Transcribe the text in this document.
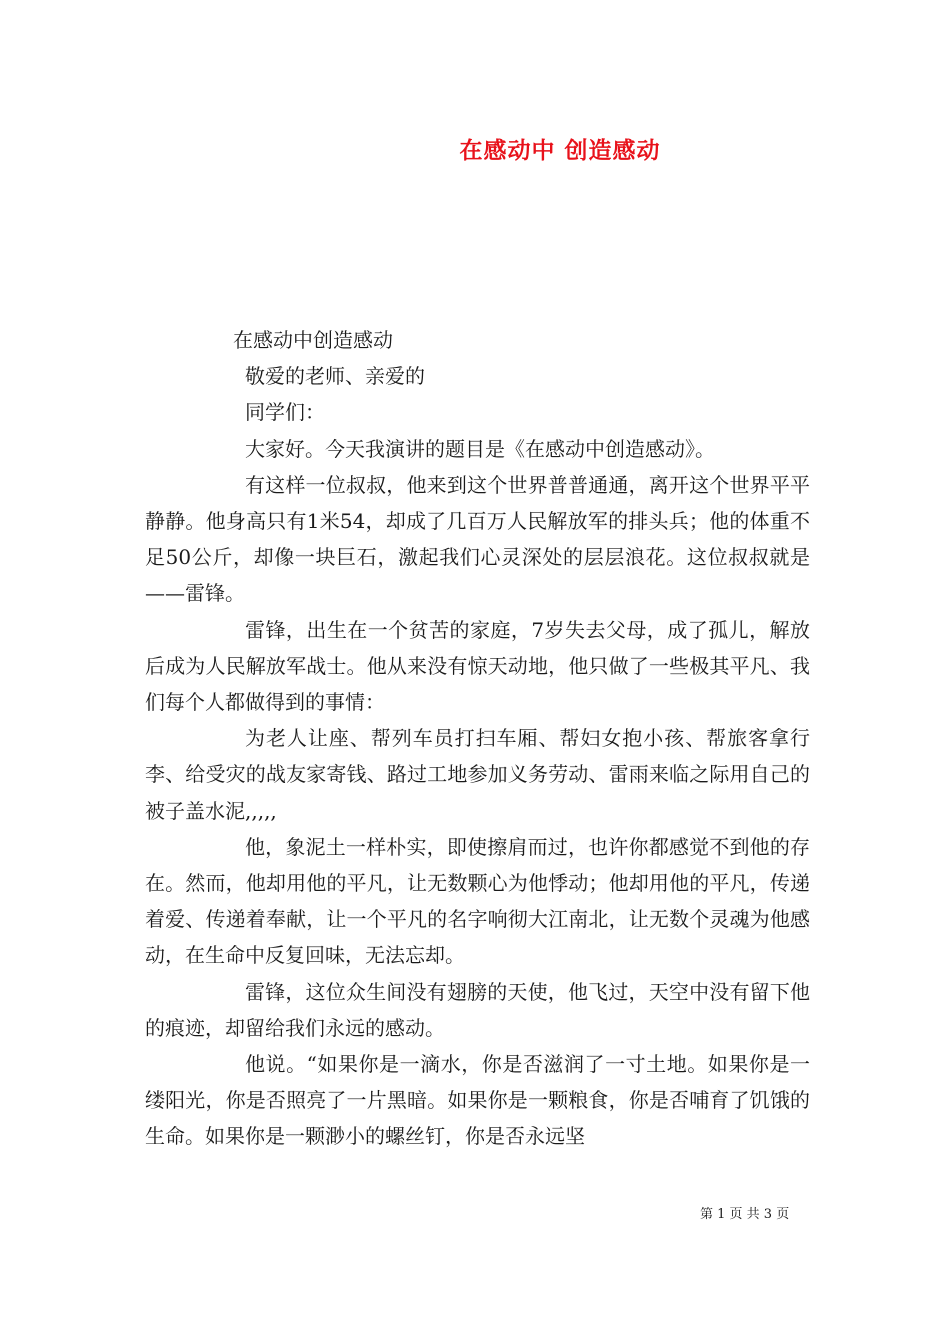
在感动中 创造感动

在感动中创造感动

敬爱的老师、亲爱的

同学们：

大家好。今天我演讲的题目是《在感动中创造感动》。

有这样一位叔叔，他来到这个世界普普通通，离开这个世界平平静静。他身高只有1米54，却成了几百万人民解放军的排头兵；他的体重不足50公斤，却像一块巨石，激起我们心灵深处的层层浪花。这位叔叔就是——雷锋。

雷锋，出生在一个贫苦的家庭，7岁失去父母，成了孤儿，解放后成为人民解放军战士。他从来没有惊天动地，他只做了一些极其平凡、我们每个人都做得到的事情：

为老人让座、帮列车员打扫车厢、帮妇女抱小孩、帮旅客拿行李、给受灾的战友家寄钱、路过工地参加义务劳动、雷雨来临之际用自己的被子盖水泥,,,,,

他，象泥土一样朴实，即使擦肩而过，也许你都感觉不到他的存在。然而，他却用他的平凡，让无数颗心为他悸动；他却用他的平凡，传递着爱、传递着奉献，让一个平凡的名字响彻大江南北，让无数个灵魂为他感动，在生命中反复回味，无法忘却。

雷锋，这位众生间没有翅膀的天使，他飞过，天空中没有留下他的痕迹，却留给我们永远的感动。

他说。“如果你是一滴水，你是否滋润了一寸土地。如果你是一缕阳光，你是否照亮了一片黑暗。如果你是一颗粮食，你是否哺育了饥饿的生命。如果你是一颗渺小的螺丝钉，你是否永远坚

第 1 页 共 3 页
